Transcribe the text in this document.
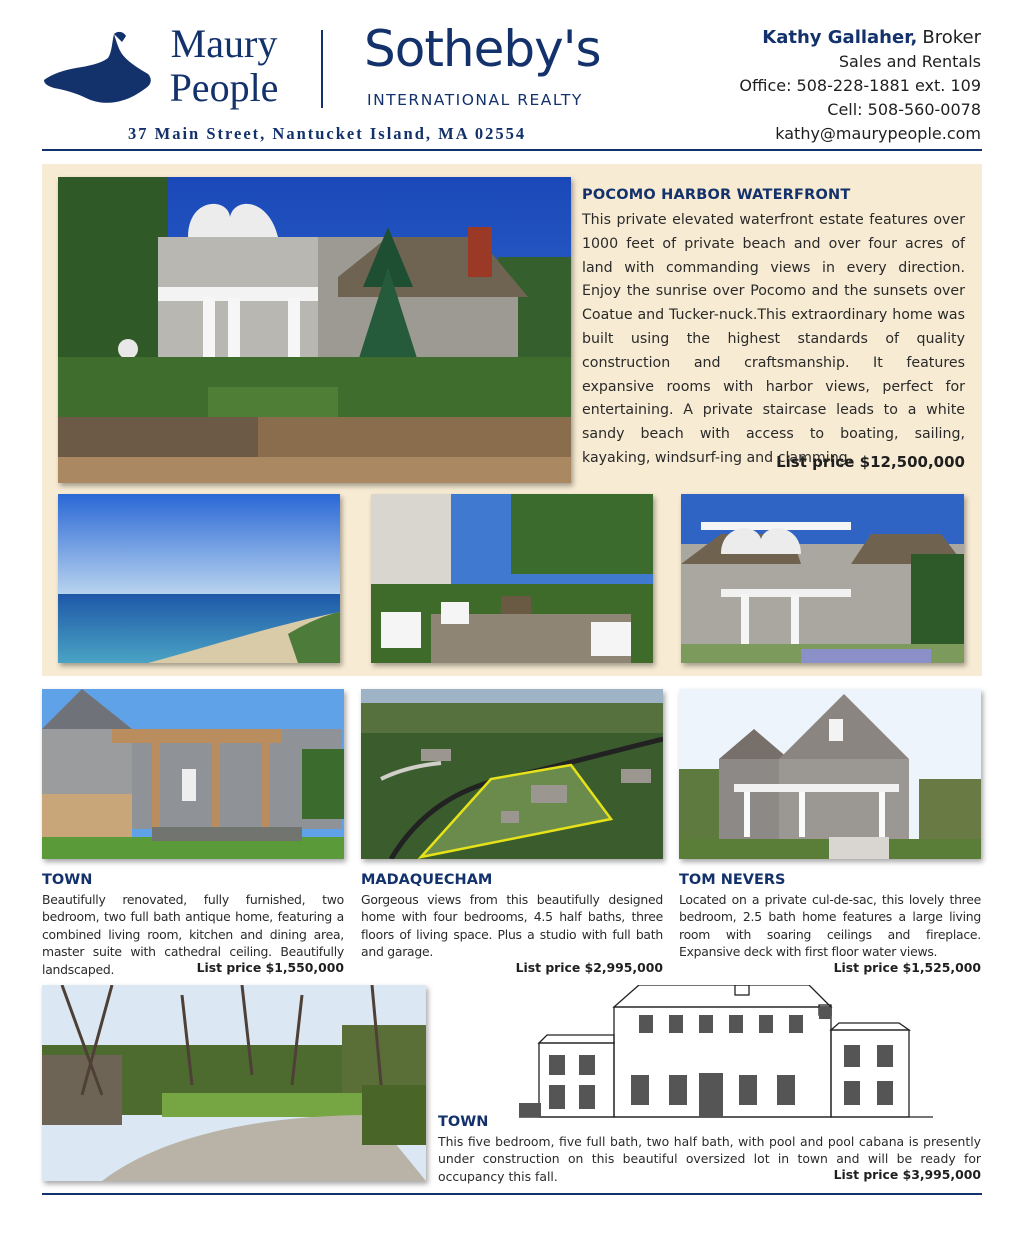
Maury
People
Sotheby's
INTERNATIONAL REALTY
37 Main Street, Nantucket Island, MA 02554
Kathy Gallaher, Broker
Sales and Rentals
Office: 508-228-1881 ext. 109
Cell: 508-560-0078
kathy@maurypeople.com
POCOMO HARBOR WATERFRONT
This private elevated waterfront estate features over 1000 feet of private beach and over four acres of land with commanding views in every direction. Enjoy the sunrise over Pocomo and the sunsets over Coatue and Tucker-nuck.This extraordinary home was built using the highest standards of quality construction and craftsmanship. It features expansive rooms with harbor views, perfect for entertaining. A private staircase leads to a white sandy beach with access to boating, sailing, kayaking, windsurf-ing and clamming.
List price $12,500,000
TOWN
Beautifully renovated, fully furnished, two bedroom, two full bath antique home, featuring a combined living room, kitchen and dining area, master suite with cathedral ceiling. Beautifully landscaped.	List price $1,550,000
MADAQUECHAM
Gorgeous views from this beautifully designed home with four bedrooms, 4.5 half baths, three floors of living space. Plus a studio with full bath and garage.
List price $2,995,000
TOM NEVERS
Located on a private cul-de-sac, this lovely three bedroom, 2.5 bath home features a large living room with soaring ceilings and fireplace. Expansive deck with first floor water views.
List price $1,525,000
TOWN
This five bedroom, five full bath, two half bath, with pool and pool cabana is presently under construction on this beautiful oversized lot in town and will be ready for occupancy this fall.	List price $3,995,000
